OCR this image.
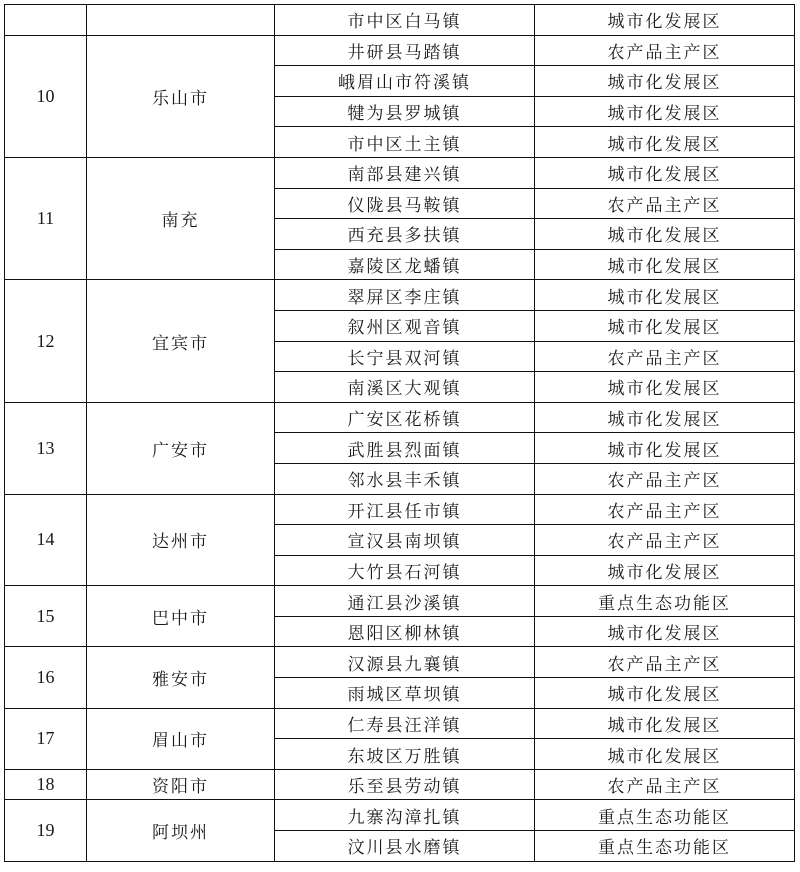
		市中区白马镇	城市化发展区
10	乐山市	井研县马踏镇	农产品主产区
		峨眉山市符溪镇	城市化发展区
		犍为县罗城镇	城市化发展区
		市中区土主镇	城市化发展区
11	南充	南部县建兴镇	城市化发展区
		仪陇县马鞍镇	农产品主产区
		西充县多扶镇	城市化发展区
		嘉陵区龙蟠镇	城市化发展区
12	宜宾市	翠屏区李庄镇	城市化发展区
		叙州区观音镇	城市化发展区
		长宁县双河镇	农产品主产区
		南溪区大观镇	城市化发展区
13	广安市	广安区花桥镇	城市化发展区
		武胜县烈面镇	城市化发展区
		邻水县丰禾镇	农产品主产区
14	达州市	开江县任市镇	农产品主产区
		宣汉县南坝镇	农产品主产区
		大竹县石河镇	城市化发展区
15	巴中市	通江县沙溪镇	重点生态功能区
		恩阳区柳林镇	城市化发展区
16	雅安市	汉源县九襄镇	农产品主产区
		雨城区草坝镇	城市化发展区
17	眉山市	仁寿县汪洋镇	城市化发展区
		东坡区万胜镇	城市化发展区
18	资阳市	乐至县劳动镇	农产品主产区
19	阿坝州	九寨沟漳扎镇	重点生态功能区
		汶川县水磨镇	重点生态功能区
